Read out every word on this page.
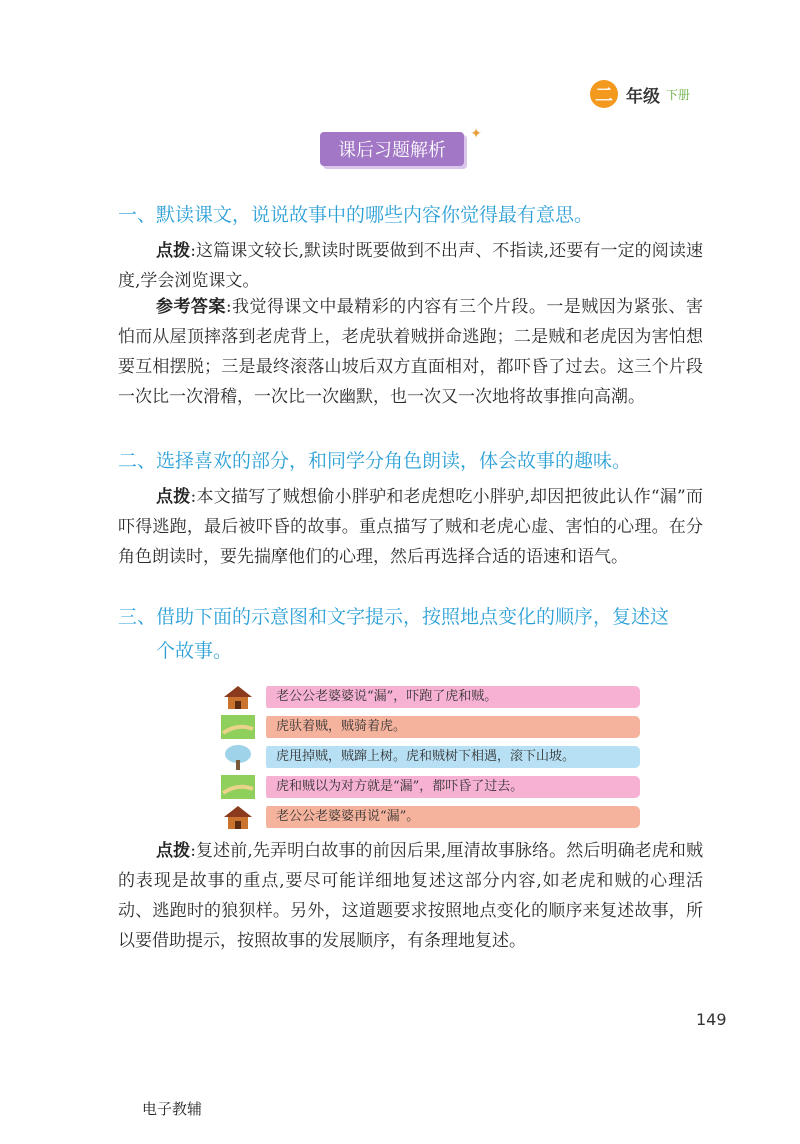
二 年级 下册
课后习题解析
✦
一、默读课文，说说故事中的哪些内容你觉得最有意思。
点拨:这篇课文较长,默读时既要做到不出声、不指读,还要有一定的阅读速度,学会浏览课文。
参考答案:我觉得课文中最精彩的内容有三个片段。一是贼因为紧张、害怕而从屋顶摔落到老虎背上，老虎驮着贼拼命逃跑；二是贼和老虎因为害怕想要互相摆脱；三是最终滚落山坡后双方直面相对，都吓昏了过去。这三个片段一次比一次滑稽，一次比一次幽默，也一次又一次地将故事推向高潮。
二、选择喜欢的部分，和同学分角色朗读，体会故事的趣味。
点拨:本文描写了贼想偷小胖驴和老虎想吃小胖驴,却因把彼此认作“漏”而吓得逃跑，最后被吓昏的故事。重点描写了贼和老虎心虚、害怕的心理。在分角色朗读时，要先揣摩他们的心理，然后再选择合适的语速和语气。
三、借助下面的示意图和文字提示，按照地点变化的顺序，复述这
个故事。
老公公老婆婆说“漏”，吓跑了虎和贼。
虎驮着贼，贼骑着虎。
虎甩掉贼，贼蹿上树。虎和贼树下相遇，滚下山坡。
虎和贼以为对方就是“漏”，都吓昏了过去。
老公公老婆婆再说“漏”。
点拨:复述前,先弄明白故事的前因后果,厘清故事脉络。然后明确老虎和贼的表现是故事的重点,要尽可能详细地复述这部分内容,如老虎和贼的心理活动、逃跑时的狼狈样。另外，这道题要求按照地点变化的顺序来复述故事，所以要借助提示，按照故事的发展顺序，有条理地复述。
149
电子教辅
